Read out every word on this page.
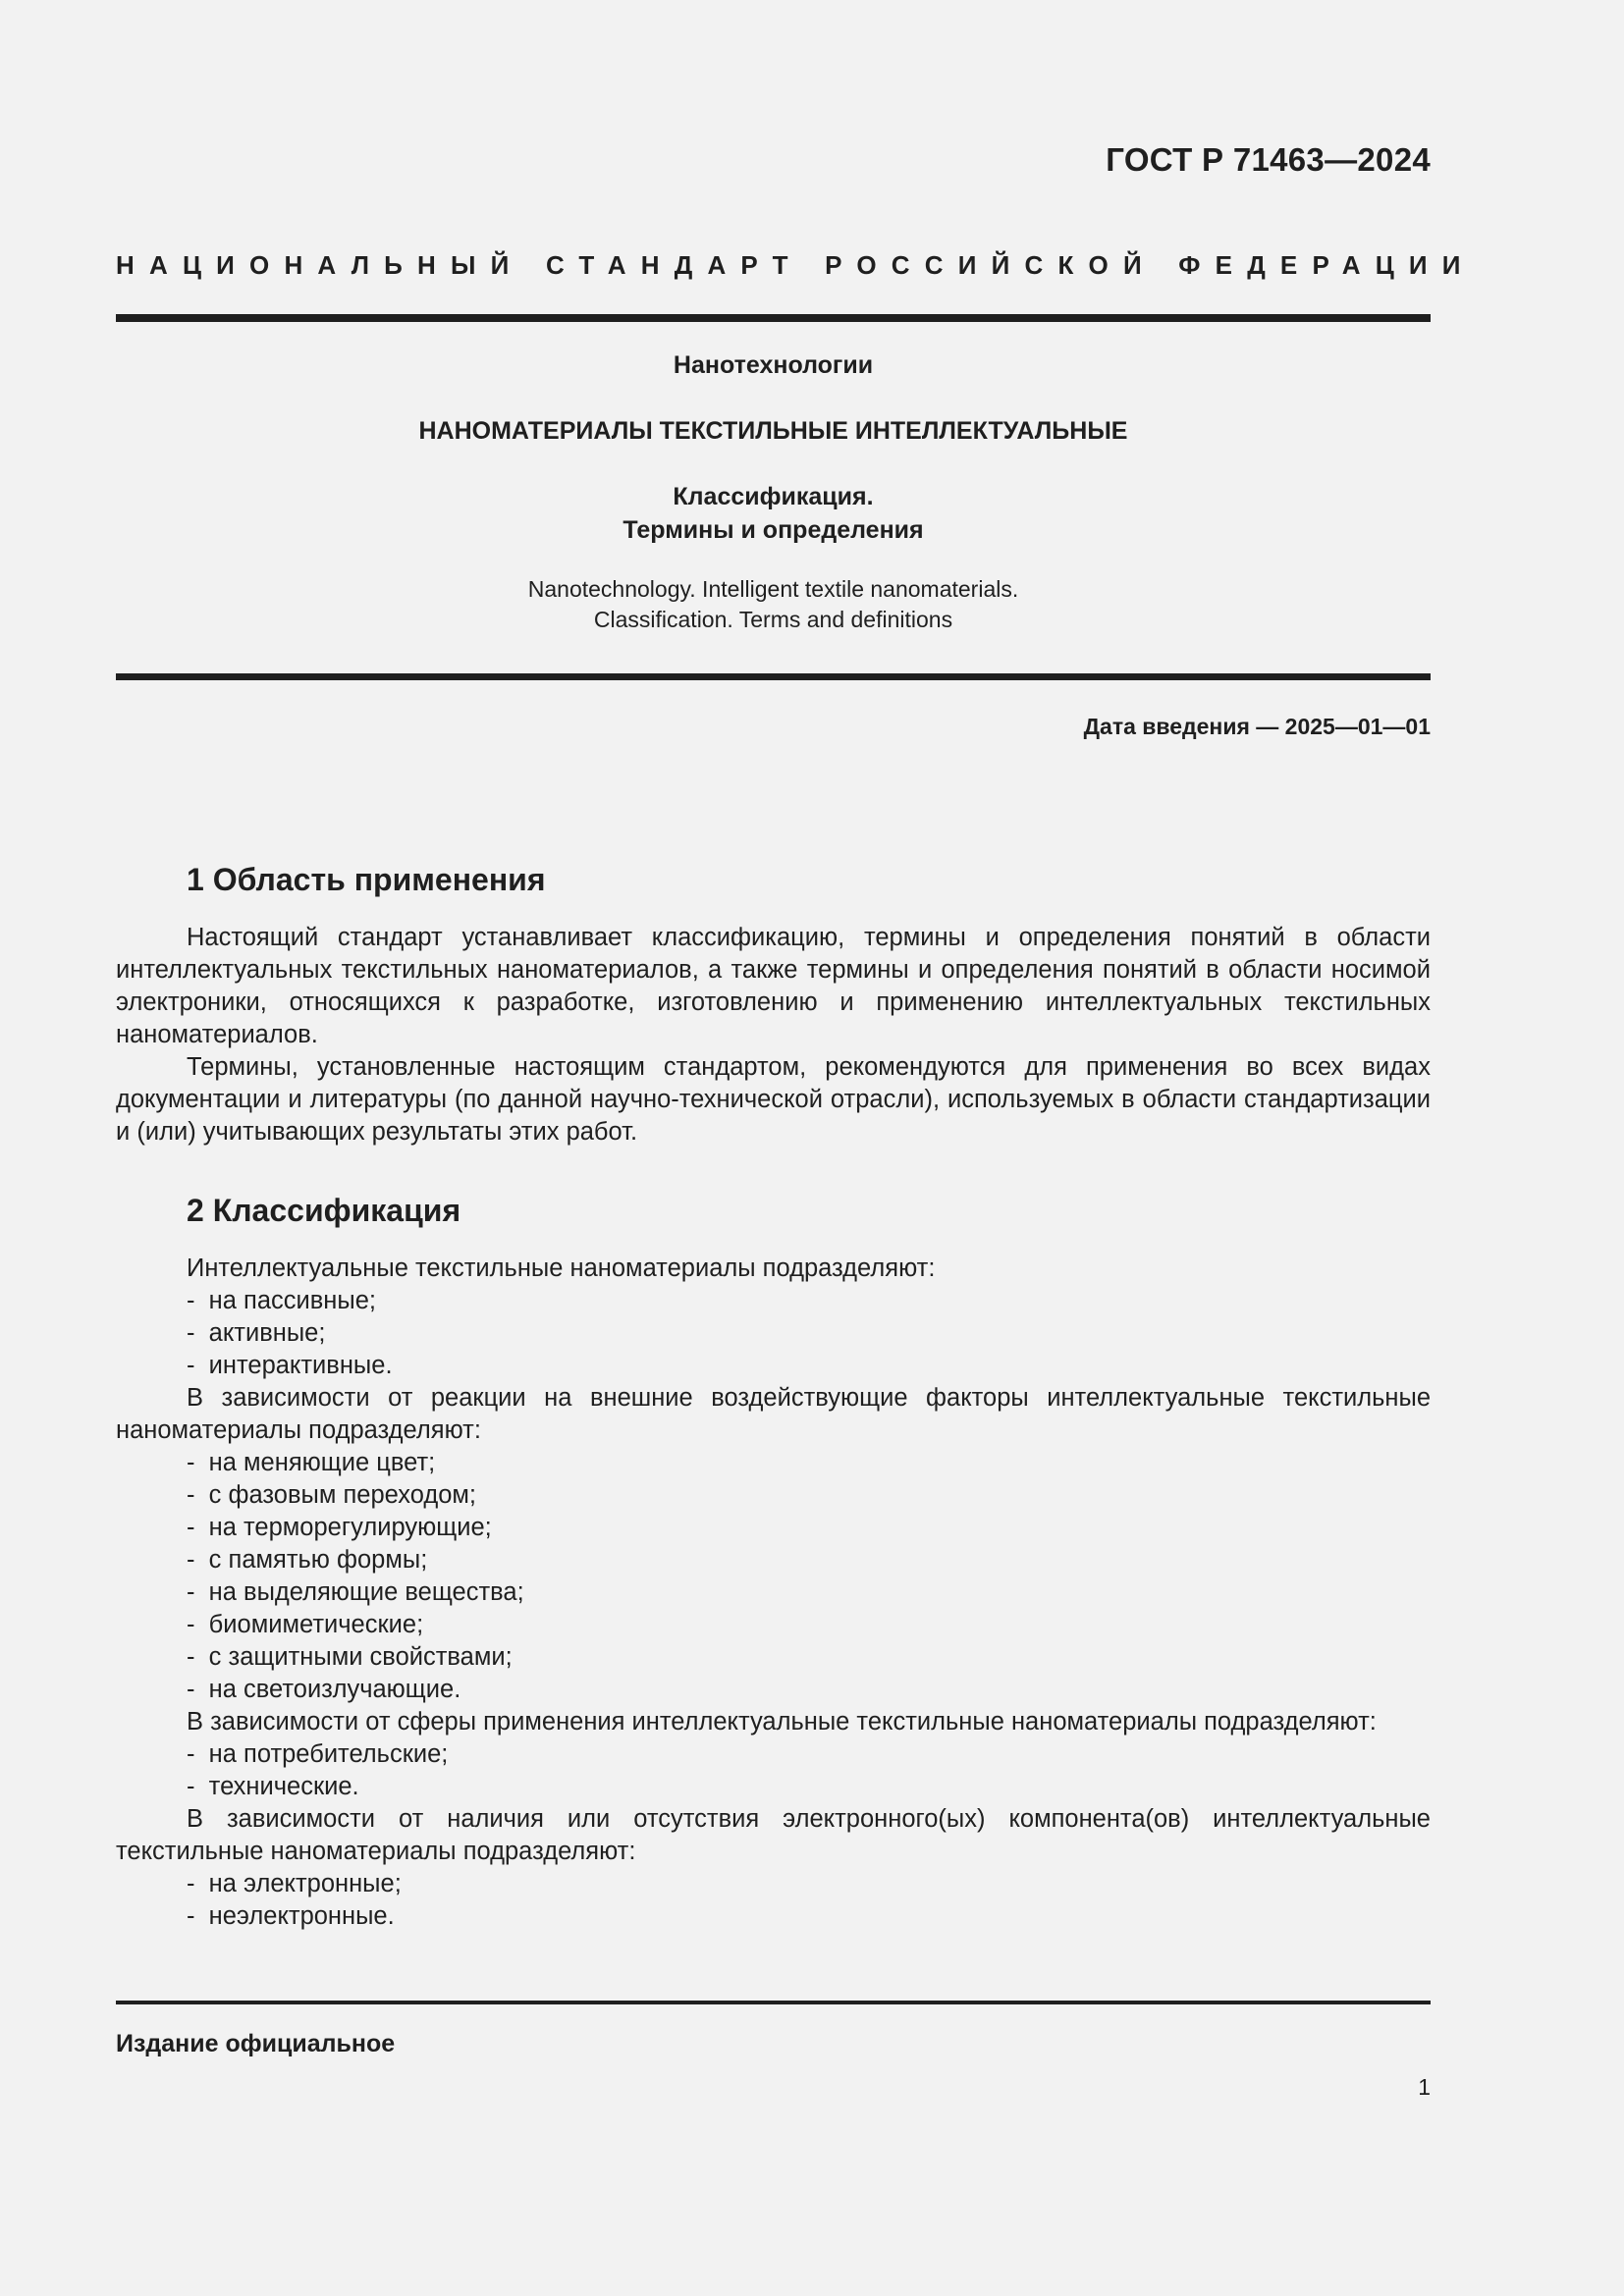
ГОСТ Р 71463—2024
НАЦИОНАЛЬНЫЙ СТАНДАРТ РОССИЙСКОЙ ФЕДЕРАЦИИ
Нанотехнологии
НАНОМАТЕРИАЛЫ ТЕКСТИЛЬНЫЕ ИНТЕЛЛЕКТУАЛЬНЫЕ
Классификация.
Термины и определения
Nanotechnology. Intelligent textile nanomaterials.
Classification. Terms and definitions
Дата введения — 2025—01—01
1 Область применения

Настоящий стандарт устанавливает классификацию, термины и определения понятий в области интеллектуальных текстильных наноматериалов, а также термины и определения понятий в области носимой электроники, относящихся к разработке, изготовлению и применению интеллектуальных текстильных наноматериалов.

Термины, установленные настоящим стандартом, рекомендуются для применения во всех видах документации и литературы (по данной научно-технической отрасли), используемых в области стандартизации и (или) учитывающих результаты этих работ.

2 Классификация

Интеллектуальные текстильные наноматериалы подразделяют:

-  на пассивные;
-  активные;
-  интерактивные.

В зависимости от реакции на внешние воздействующие факторы интеллектуальные текстильные наноматериалы подразделяют:

-  на меняющие цвет;
-  с фазовым переходом;
-  на терморегулирующие;
-  с памятью формы;
-  на выделяющие вещества;
-  биомиметические;
-  с защитными свойствами;
-  на светоизлучающие.

В зависимости от сферы применения интеллектуальные текстильные наноматериалы подразделяют:

-  на потребительские;
-  технические.

В зависимости от наличия или отсутствия электронного(ых) компонента(ов) интеллектуальные текстильные наноматериалы подразделяют:

-  на электронные;
-  неэлектронные.
Издание официальное
1
